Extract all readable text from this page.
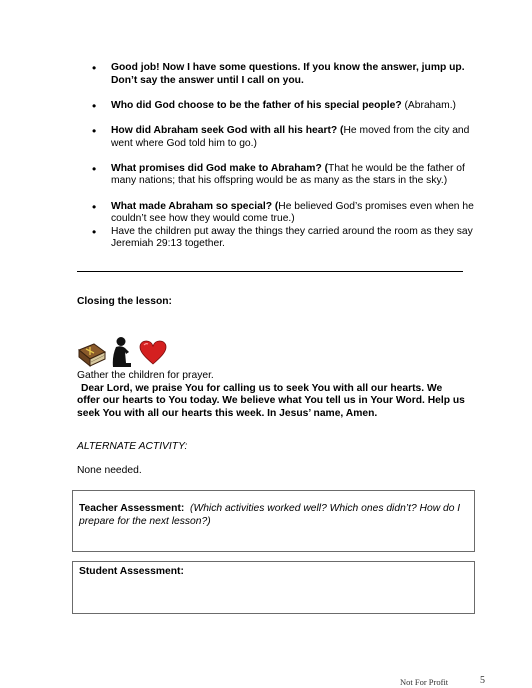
• Good job! Now I have some questions. If you know the answer, jump up. Don’t say the answer until I call on you.
• Who did God choose to be the father of his special people? (Abraham.)
• How did Abraham seek God with all his heart? (He moved from the city and went where God told him to go.)
• What promises did God make to Abraham? (That he would be the father of many nations; that his offspring would be as many as the stars in the sky.)
• What made Abraham so special? (He believed God’s promises even when he couldn’t see how they would come true.)
• Have the children put away the things they carried around the room as they say Jeremiah 29:13 together.
Closing the lesson:
Gather the children for prayer.
Dear Lord, we praise You for calling us to seek You with all our hearts. We offer our hearts to You today. We believe what You tell us in Your Word. Help us seek You with all our hearts this week. In Jesus’ name, Amen.
ALTERNATE ACTIVITY:
None needed.
Teacher Assessment: (Which activities worked well? Which ones didn’t? How do I prepare for the next lesson?)
Student Assessment:
Not For Profit	5
